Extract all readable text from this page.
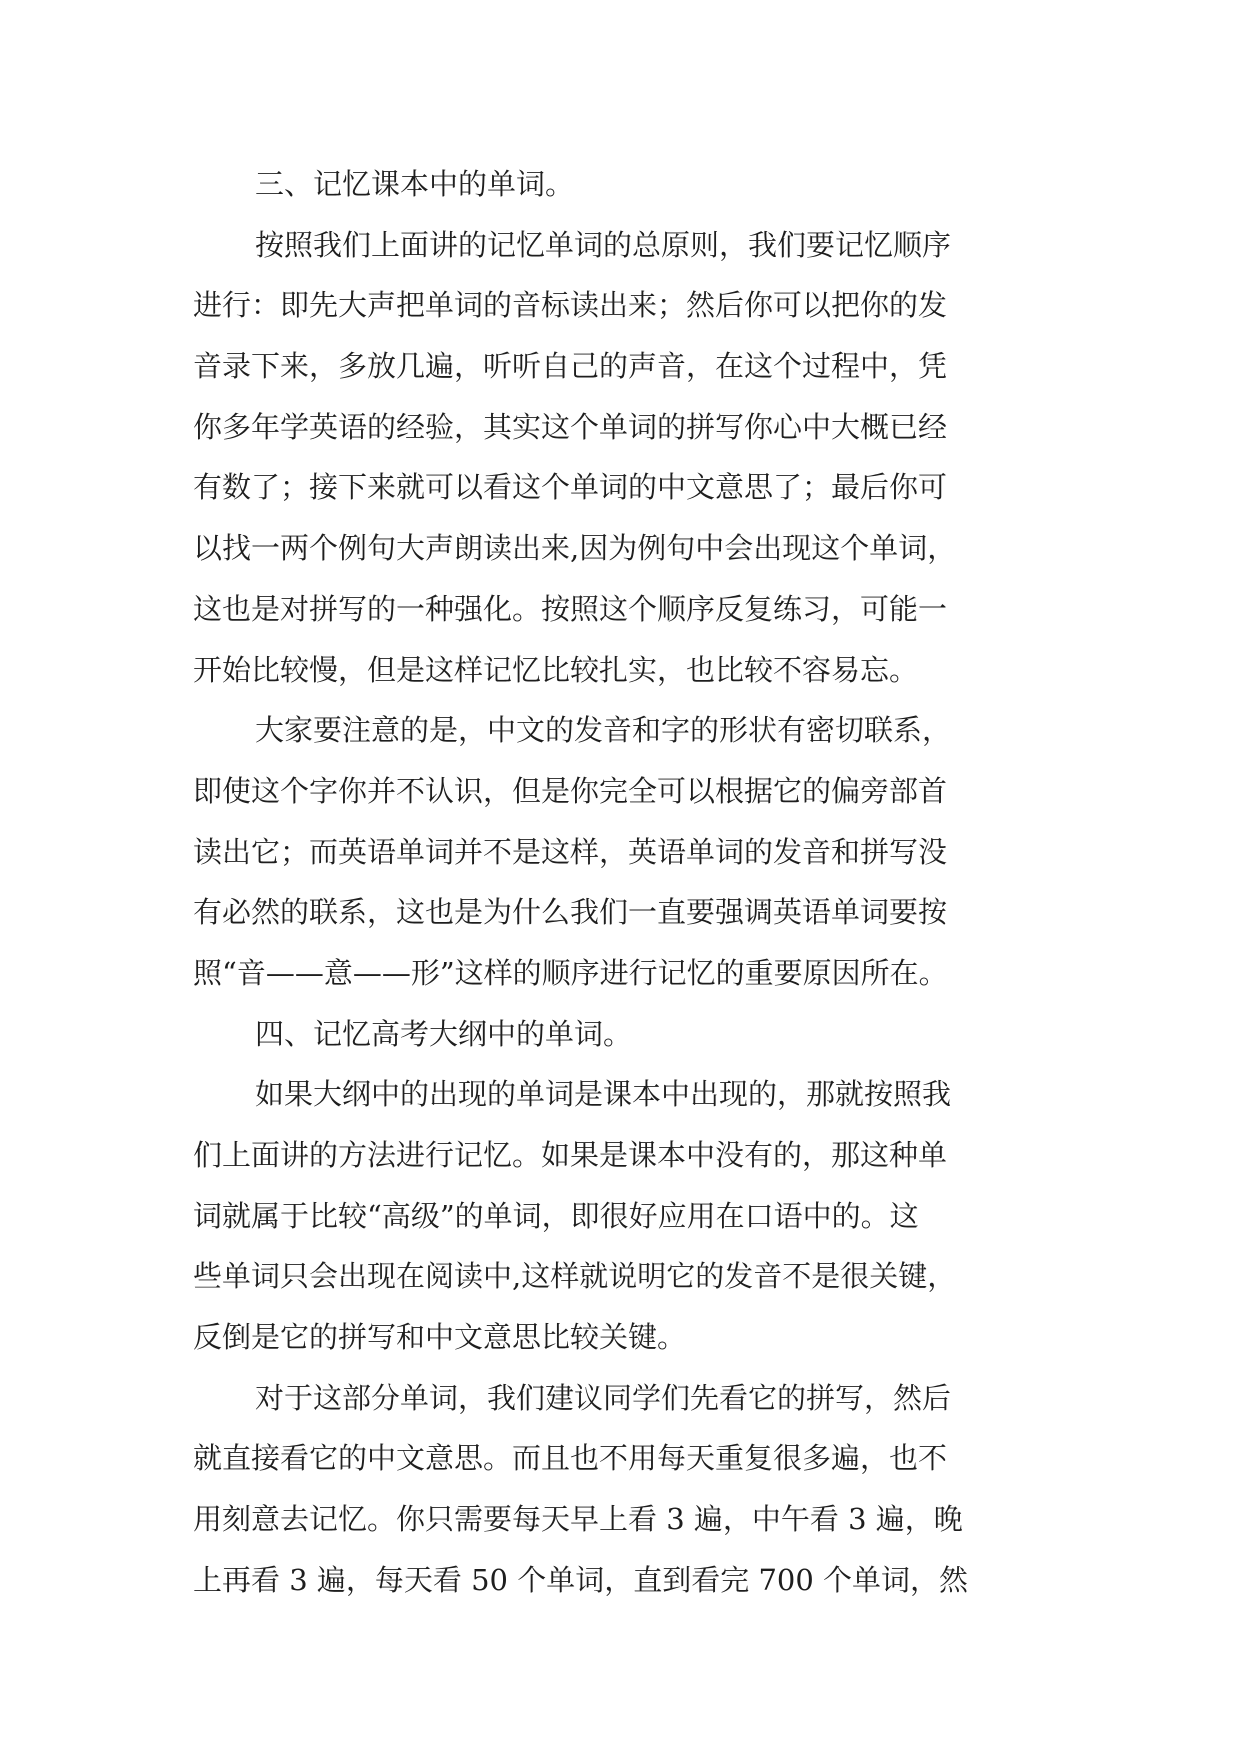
三、记忆课本中的单词。
按照我们上面讲的记忆单词的总原则，我们要记忆顺序
进行：即先大声把单词的音标读出来；然后你可以把你的发
音录下来，多放几遍，听听自己的声音，在这个过程中，凭
你多年学英语的经验，其实这个单词的拼写你心中大概已经
有数了；接下来就可以看这个单词的中文意思了；最后你可
以找一两个例句大声朗读出来,因为例句中会出现这个单词，
这也是对拼写的一种强化。按照这个顺序反复练习，可能一
开始比较慢，但是这样记忆比较扎实，也比较不容易忘。
大家要注意的是，中文的发音和字的形状有密切联系，
即使这个字你并不认识，但是你完全可以根据它的偏旁部首
读出它；而英语单词并不是这样，英语单词的发音和拼写没
有必然的联系，这也是为什么我们一直要强调英语单词要按
照“音——意——形”这样的顺序进行记忆的重要原因所在。
四、记忆高考大纲中的单词。
如果大纲中的出现的单词是课本中出现的，那就按照我
们上面讲的方法进行记忆。如果是课本中没有的，那这种单
词就属于比较“高级”的单词，即很好应用在口语中的。这
些单词只会出现在阅读中,这样就说明它的发音不是很关键，
反倒是它的拼写和中文意思比较关键。
对于这部分单词，我们建议同学们先看它的拼写，然后
就直接看它的中文意思。而且也不用每天重复很多遍，也不
用刻意去记忆。你只需要每天早上看 3 遍，中午看 3 遍，晚
上再看 3 遍，每天看 50 个单词，直到看完 700 个单词，然
